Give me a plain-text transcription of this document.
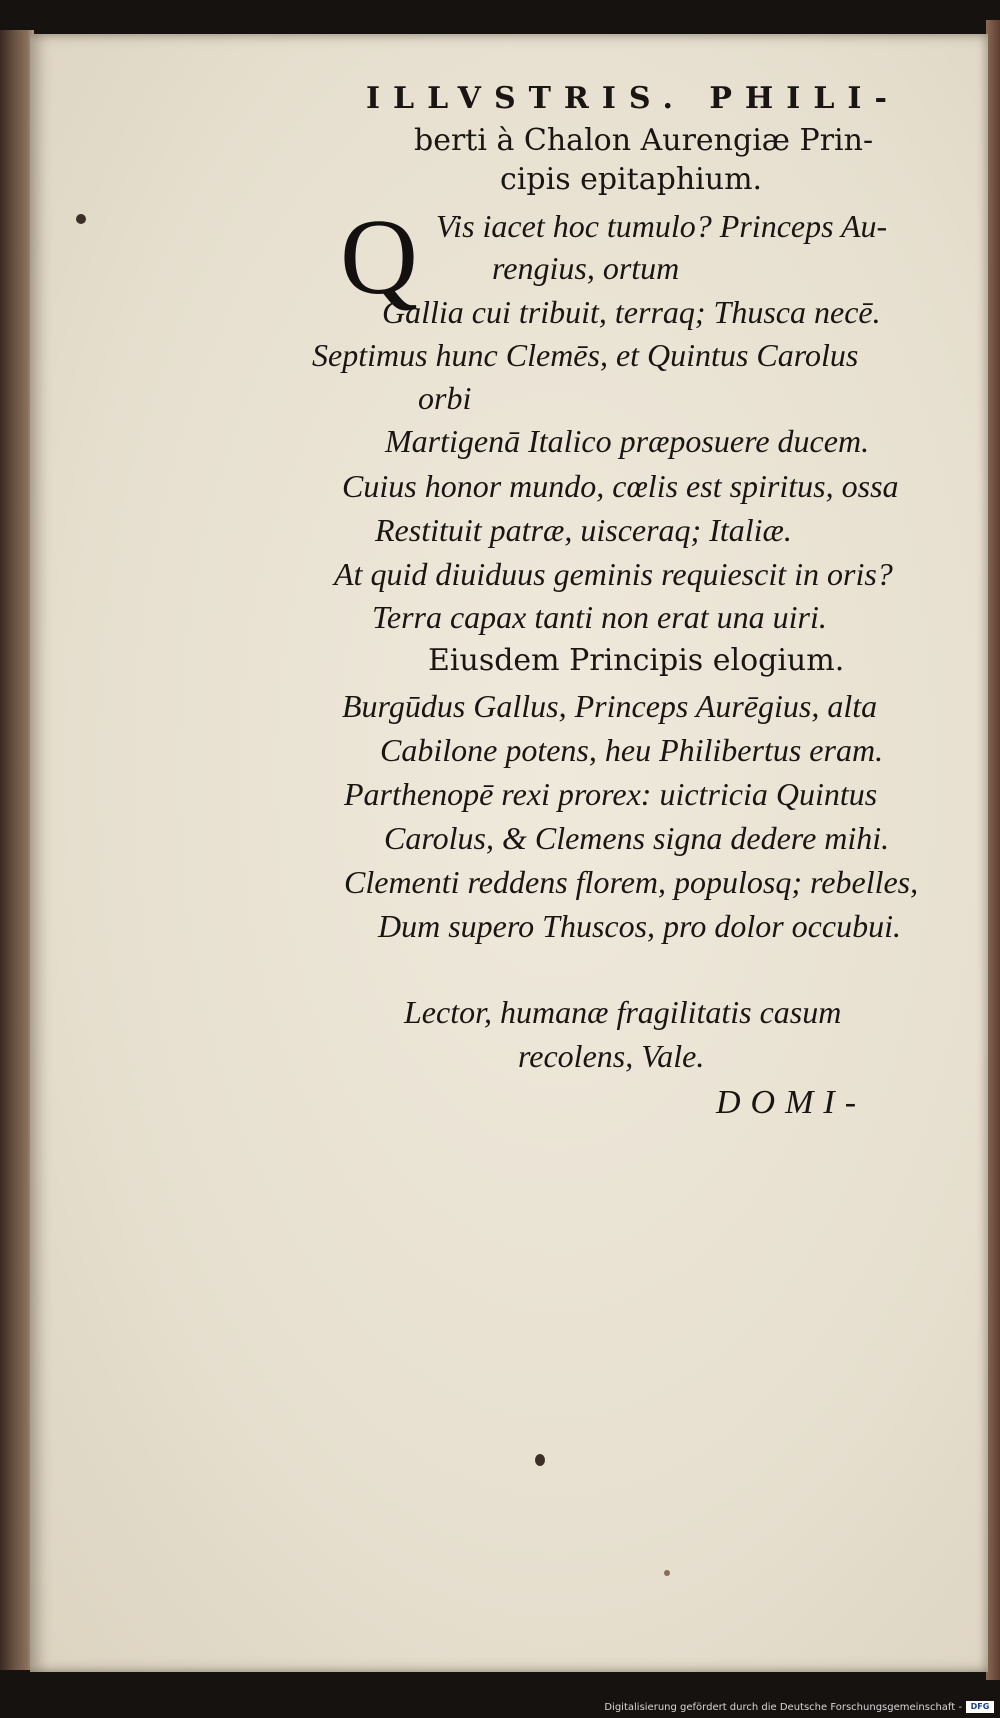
ILLVSTRIS. PHILI-
berti à Chalon Aurengiæ Prin-
cipis epitaphium.
Q Vis iacet hoc tumulo? Princeps Au-
rengius, ortum
Gallia cui tribuit, terraq; Thusca necē.
Septimus hunc Clemēs, et Quintus Carolus
orbi
Martigenā Italico præposuere ducem.
Cuius honor mundo, cœlis est spiritus, ossa
Restituit patræ, uisceraq; Italiæ.
At quid diuiduus geminis requiescit in oris?
Terra capax tanti non erat una uiri.
Eiusdem Principis elogium.
Burgūdus Gallus, Princeps Aurēgius, alta
Cabilone potens, heu Philibertus eram.
Parthenopē rexi prorex: uictricia Quintus
Carolus, & Clemens signa dedere mihi.
Clementi reddens florem, populosq; rebelles,
Dum supero Thuscos, pro dolor occubui.
Lector, humanæ fragilitatis casum
recolens, Vale.
DOMI-
Digitalisierung gefördert durch die Deutsche Forschungsgemeinschaft -	DFG
